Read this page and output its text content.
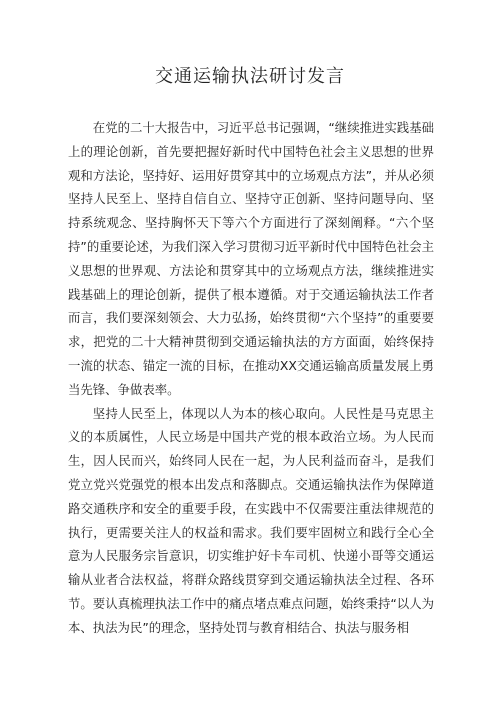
交通运输执法研讨发言

在党的二十大报告中，习近平总书记强调，“继续推进实践基础上的理论创新，首先要把握好新时代中国特色社会主义思想的世界观和方法论，坚持好、运用好贯穿其中的立场观点方法”，并从必须坚持人民至上、坚持自信自立、坚持守正创新、坚持问题导向、坚持系统观念、坚持胸怀天下等六个方面进行了深刻阐释。“六个坚持”的重要论述，为我们深入学习贯彻习近平新时代中国特色社会主义思想的世界观、方法论和贯穿其中的立场观点方法，继续推进实践基础上的理论创新，提供了根本遵循。对于交通运输执法工作者而言，我们要深刻领会、大力弘扬，始终贯彻“六个坚持”的重要要求，把党的二十大精神贯彻到交通运输执法的方方面面，始终保持一流的状态、锚定一流的目标，在推动XX交通运输高质量发展上勇当先锋、争做表率。

坚持人民至上，体现以人为本的核心取向。人民性是马克思主义的本质属性，人民立场是中国共产党的根本政治立场。为人民而生，因人民而兴，始终同人民在一起，为人民利益而奋斗，是我们党立党兴党强党的根本出发点和落脚点。交通运输执法作为保障道路交通秩序和安全的重要手段，在实践中不仅需要注重法律规范的执行，更需要关注人的权益和需求。我们要牢固树立和践行全心全意为人民服务宗旨意识，切实维护好卡车司机、快递小哥等交通运输从业者合法权益，将群众路线贯穿到交通运输执法全过程、各环节。要认真梳理执法工作中的痛点堵点难点问题，始终秉持“以人为本、执法为民”的理念，坚持处罚与教育相结合、执法与服务相
